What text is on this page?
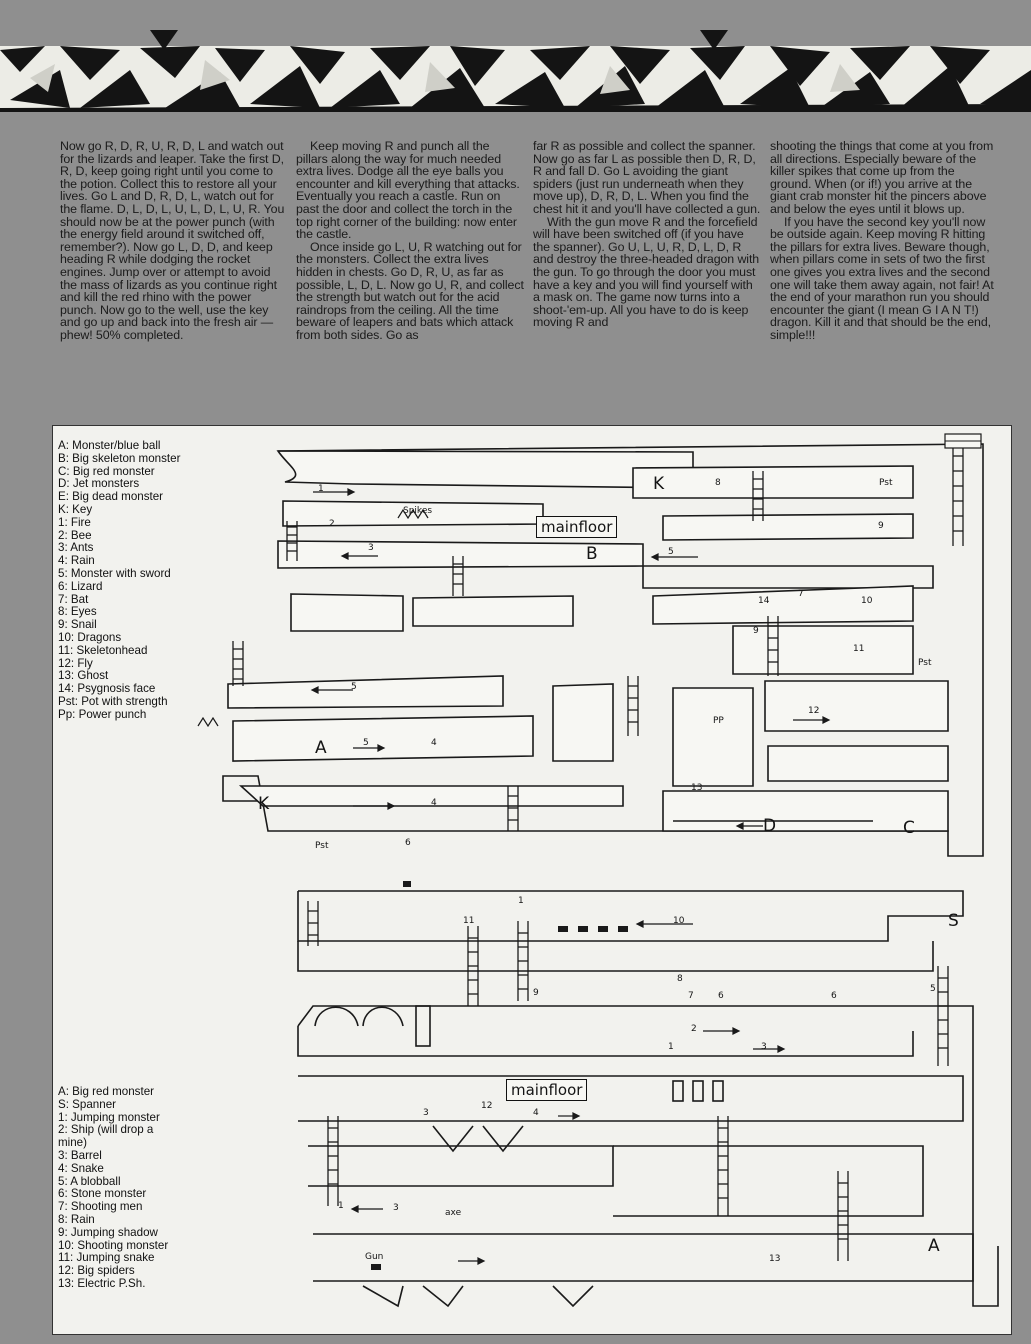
Now go R, D, R, U, R, D, L and watch out for the lizards and leaper. Take the first D, R, D, keep going right until you come to the potion. Collect this to restore all your lives. Go L and D, R, D, L, watch out for the flame. D, L, D, L, U, L, D, L, U, R. You should now be at the power punch (with the energy field around it switched off, remember?). Now go L, D, D, and keep heading R while dodging the rocket engines. Jump over or attempt to avoid the mass of lizards as you continue right and kill the red rhino with the power punch. Now go to the well, use the key and go up and back into the fresh air — phew! 50% completed.

Keep moving R and punch all the pillars along the way for much needed extra lives. Dodge all the eye balls you encounter and kill everything that attacks. Eventually you reach a castle. Run on past the door and collect the torch in the top right corner of the building: now enter the castle.

Once inside go L, U, R watching out for the monsters. Collect the extra lives hidden in chests. Go D, R, U, as far as possible, L, D, L. Now go U, R, and collect the strength but watch out for the acid raindrops from the ceiling. All the time beware of leapers and bats which attack from both sides. Go as

far R as possible and collect the spanner. Now go as far L as possible then D, R, D, R and fall D. Go L avoiding the giant spiders (just run underneath when they move up), D, R, D, L. When you find the chest hit it and you'll have collected a gun.

With the gun move R and the forcefield will have been switched off (if you have the spanner). Go U, L, U, R, D, L, D, R and destroy the three-headed dragon with the gun. To go through the door you must have a key and you will find yourself with a mask on. The game now turns into a shoot-'em-up. All you have to do is keep moving R and

shooting the things that come at you from all directions. Especially beware of the killer spikes that come up from the ground. When (or if!) you arrive at the giant crab monster hit the pincers above and below the eyes until it blows up.

If you have the second key you'll now be outside again. Keep moving R hitting the pillars for extra lives. Beware though, when pillars come in sets of two the first one gives you extra lives and the second one will take them away again, not fair! At the end of your marathon run you should encounter the giant (I mean G I A N T!) dragon. Kill it and that should be the end, simple!!!

mainfloor
mainfloor
Spikes
B
K
K
A
D	C
S
A
Pst
Pst
Pst
PP
Gun
axe
3
1
2
5
5
5
9
9
14
7
10
11
12
13
6
4
4
8
10
11
8
7	6	6
5
2
1	3
12
4
3
1	3
13
9
1
A: Monster/blue ball
B: Big skeleton monster
C: Big red monster
D: Jet monsters
E: Big dead monster
K: Key
1: Fire
2: Bee
3: Ants
4: Rain
5: Monster with sword
6: Lizard
7: Bat
8: Eyes
9: Snail
10: Dragons
11: Skeletonhead
12: Fly
13: Ghost
14: Psygnosis face
Pst: Pot with strength
Pp: Power punch
A: Big red monster
S: Spanner
1: Jumping monster
2: Ship (will drop a mine)
3: Barrel
4: Snake
5: A blobball
6: Stone monster
7: Shooting men
8: Rain
9: Jumping shadow
10: Shooting monster
11: Jumping snake
12: Big spiders
13: Electric P.Sh.
